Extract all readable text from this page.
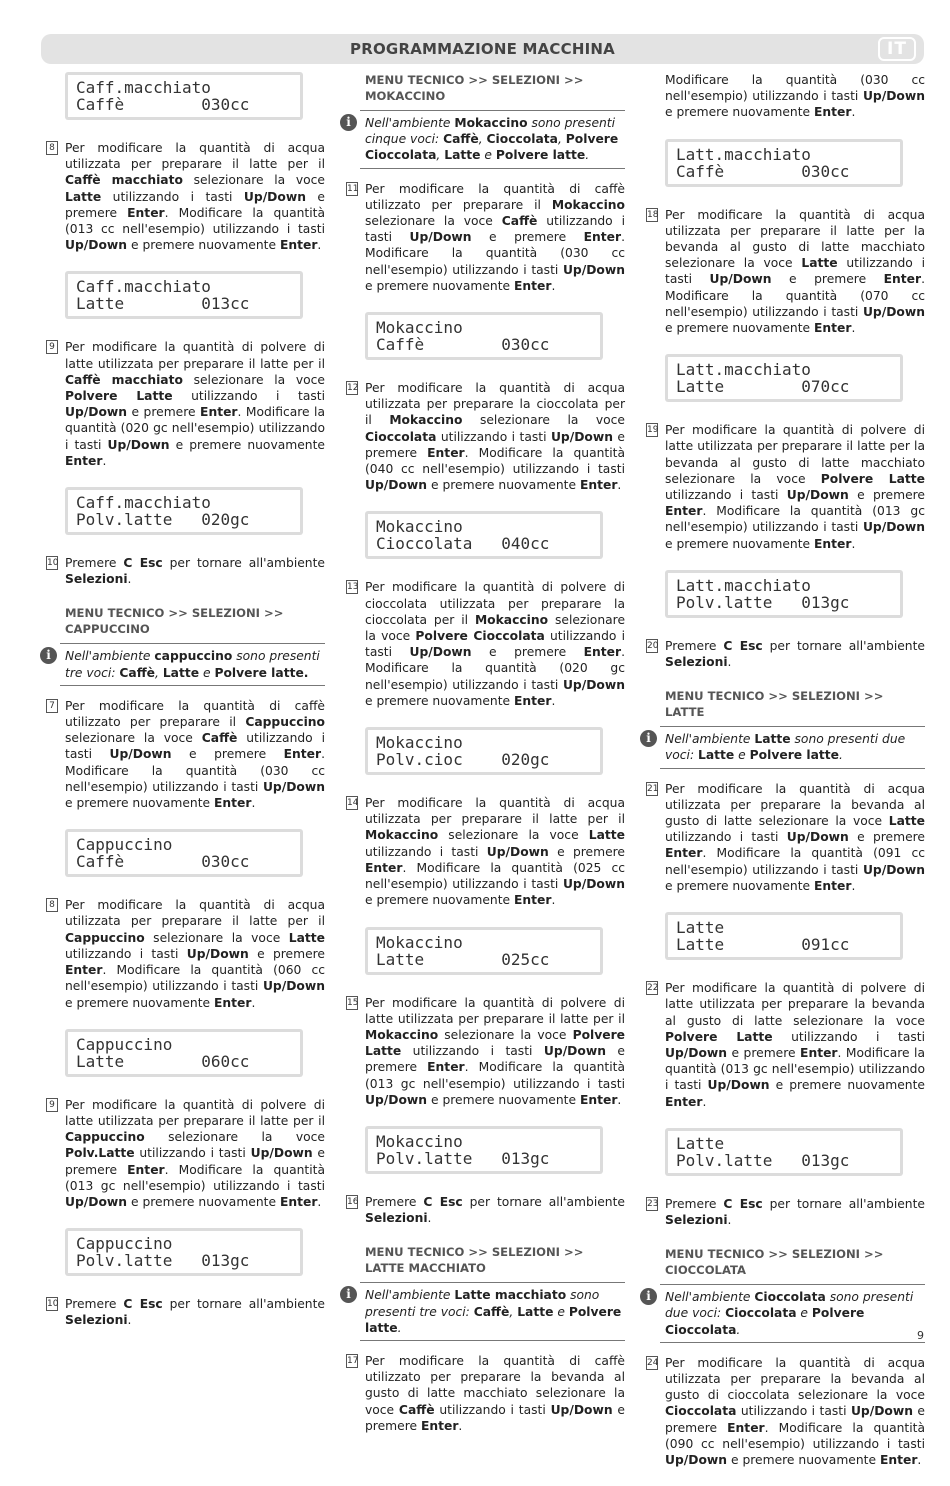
PROGRAMMAZIONE MACCHINA	IT
Caff.macchiato
Caffè        030cc
8 Per modificare la quantità di acqua utilizzata per preparare il latte per il Caffè macchiato selezionare la voce Latte utilizzando i tasti Up/Down e premere Enter. Modificare la quantità (013 cc nell'esempio) utilizzando i tasti Up/Down e premere nuovamente Enter.
Caff.macchiato
Latte        013cc
9 Per modificare la quantità di polvere di latte utilizzata per preparare il latte per il Caffè macchiato selezionare la voce Polvere Latte utilizzando i tasti Up/Down e premere Enter. Modificare la quantità (020 gc nell'esempio) utilizzando i tasti Up/Down e premere nuovamente Enter.
Caff.macchiato
Polv.latte   020gc
10 Premere C Esc per tornare all'ambiente Selezioni.
MENU TECNICO >> SELEZIONI >> CAPPUCCINO
i	Nell'ambiente cappuccino sono presenti tre voci: Caffè, Latte e Polvere latte.
7 Per modificare la quantità di caffè utilizzato per preparare il Cappuccino selezionare la voce Caffè utilizzando i tasti Up/Down e premere Enter. Modificare la quantità (030 cc nell'esempio) utilizzando i tasti Up/Down e premere nuovamente Enter.
Cappuccino
Caffè        030cc
8 Per modificare la quantità di acqua utilizzata per preparare il latte per il Cappuccino selezionare la voce Latte utilizzando i tasti Up/Down e premere Enter. Modificare la quantità (060 cc nell'esempio) utilizzando i tasti Up/Down e premere nuovamente Enter.
Cappuccino
Latte        060cc
9 Per modificare la quantità di polvere di latte utilizzata per preparare il latte per il Cappuccino selezionare la voce Polv.Latte utilizzando i tasti Up/Down e premere Enter. Modificare la quantità (013 gc nell'esempio) utilizzando i tasti Up/Down e premere nuovamente Enter.
Cappuccino
Polv.latte   013gc
10 Premere C Esc per tornare all'ambiente Selezioni.
MENU TECNICO >> SELEZIONI >> MOKACCINO
i	Nell'ambiente Mokaccino sono presenti cinque voci: Caffè, Cioccolata, Polvere Cioccolata, Latte e Polvere latte.
11 Per modificare la quantità di caffè utilizzato per preparare il Mokaccino selezionare la voce Caffè utilizzando i tasti Up/Down e premere Enter. Modificare la quantità (030 cc nell'esempio) utilizzando i tasti Up/Down e premere nuovamente Enter.
Mokaccino
Caffè        030cc
12 Per modificare la quantità di acqua utilizzata per preparare la cioccolata per il Mokaccino selezionare la voce Cioccolata utilizzando i tasti Up/Down e premere Enter. Modificare la quantità (040 cc nell'esempio) utilizzando i tasti Up/Down e premere nuovamente Enter.
Mokaccino
Cioccolata   040cc
13 Per modificare la quantità di polvere di cioccolata utilizzata per preparare la cioccolata per il Mokaccino selezionare la voce Polvere Cioccolata utilizzando i tasti Up/Down e premere Enter. Modificare la quantità (020 gc nell'esempio) utilizzando i tasti Up/Down e premere nuovamente Enter.
Mokaccino
Polv.cioc    020gc
14 Per modificare la quantità di acqua utilizzata per preparare il latte per il Mokaccino selezionare la voce Latte utilizzando i tasti Up/Down e premere Enter. Modificare la quantità (025 cc nell'esempio) utilizzando i tasti Up/Down e premere nuovamente Enter.
Mokaccino
Latte        025cc
15 Per modificare la quantità di polvere di latte utilizzata per preparare il latte per il Mokaccino selezionare la voce Polvere Latte utilizzando i tasti Up/Down e premere Enter. Modificare la quantità (013 gc nell'esempio) utilizzando i tasti Up/Down e premere nuovamente Enter.
Mokaccino
Polv.latte   013gc
16 Premere C Esc per tornare all'ambiente Selezioni.
MENU TECNICO >> SELEZIONI >> LATTE MACCHIATO
i	Nell'ambiente Latte macchiato sono presenti tre voci: Caffè, Latte e Polvere latte.
17 Per modificare la quantità di caffè utilizzato per preparare la bevanda al gusto di latte macchiato selezionare la voce Caffè utilizzando i tasti Up/Down e premere Enter.
Modificare la quantità (030 cc nell'esempio) utilizzando i tasti Up/Down e premere nuovamente Enter.
Latt.macchiato
Caffè        030cc
18 Per modificare la quantità di acqua utilizzata per preparare il latte per la bevanda al gusto di latte macchiato selezionare la voce Latte utilizzando i tasti Up/Down e premere Enter. Modificare la quantità (070 cc nell'esempio) utilizzando i tasti Up/Down e premere nuovamente Enter.
Latt.macchiato
Latte        070cc
19 Per modificare la quantità di polvere di latte utilizzata per preparare il latte per la bevanda al gusto di latte macchiato selezionare la voce Polvere Latte utilizzando i tasti Up/Down e premere Enter. Modificare la quantità (013 gc nell'esempio) utilizzando i tasti Up/Down e premere nuovamente Enter.
Latt.macchiato
Polv.latte   013gc
20 Premere C Esc per tornare all'ambiente Selezioni.
MENU TECNICO >> SELEZIONI >> LATTE
i	Nell'ambiente Latte sono presenti due voci: Latte e Polvere latte.
21 Per modificare la quantità di acqua utilizzata per preparare la bevanda al gusto di latte selezionare la voce Latte utilizzando i tasti Up/Down e premere Enter. Modificare la quantità (091 cc nell'esempio) utilizzando i tasti Up/Down e premere nuovamente Enter.
Latte
Latte        091cc
22 Per modificare la quantità di polvere di latte utilizzata per preparare la bevanda al gusto di latte selezionare la voce Polvere Latte utilizzando i tasti Up/Down e premere Enter. Modificare la quantità (013 gc nell'esempio) utilizzando i tasti Up/Down e premere nuovamente Enter.
Latte
Polv.latte   013gc
23 Premere C Esc per tornare all'ambiente Selezioni.
MENU TECNICO >> SELEZIONI >> CIOCCOLATA
i	Nell'ambiente Cioccolata sono presenti due voci: Cioccolata e Polvere Cioccolata.
24 Per modificare la quantità di acqua utilizzata per preparare la bevanda al gusto di cioccolata selezionare la voce Cioccolata utilizzando i tasti Up/Down e premere Enter. Modificare la quantità (090 cc nell'esempio) utilizzando i tasti Up/Down e premere nuovamente Enter.
9
